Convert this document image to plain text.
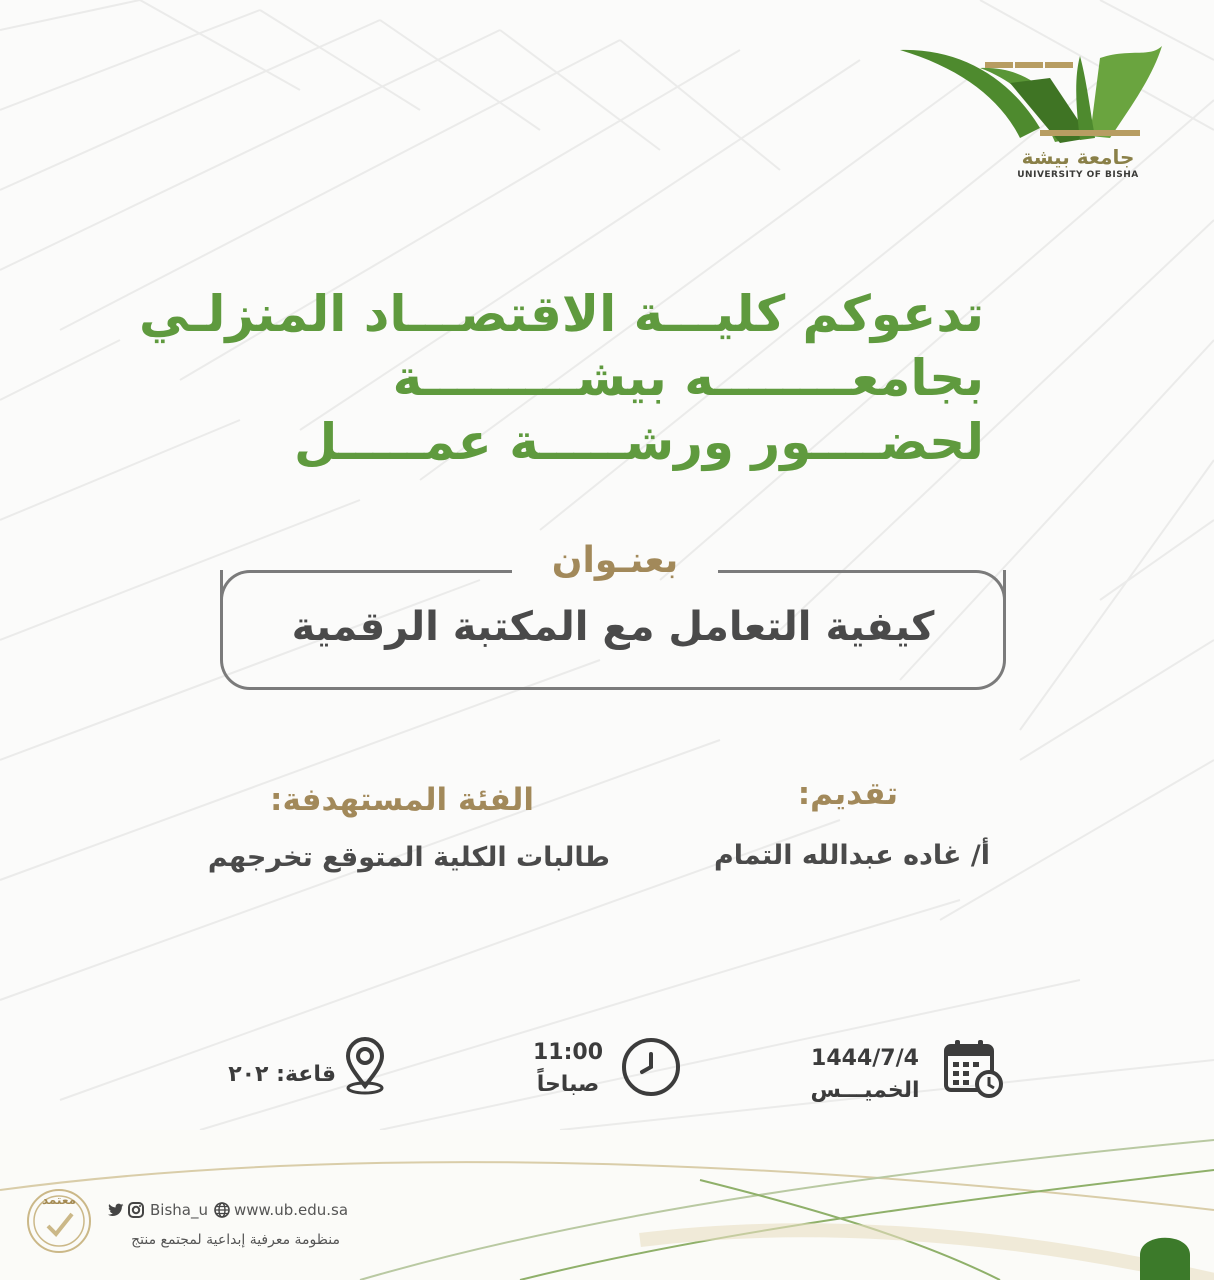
جامعة بيشة
UNIVERSITY OF BISHA
تدعوكم كليـــة الاقتصـــاد المنزلـي
بجامعــــــــه بيشـــــــــة
لحضــــور ورشـــــة عمـــــل
بعنـوان
كيفية التعامل مع المكتبة الرقمية
تقديم:
أ/ غاده عبدالله التمام
الفئة المستهدفة:
طالبات الكلية المتوقع تخرجهم
1444/7/4
الخميـــس
11:00
صباحاً
قاعة: ٢٠٢
معتمد
Bisha_u www.ub.edu.sa
منظومة معرفية إبداعية لمجتمع منتج
